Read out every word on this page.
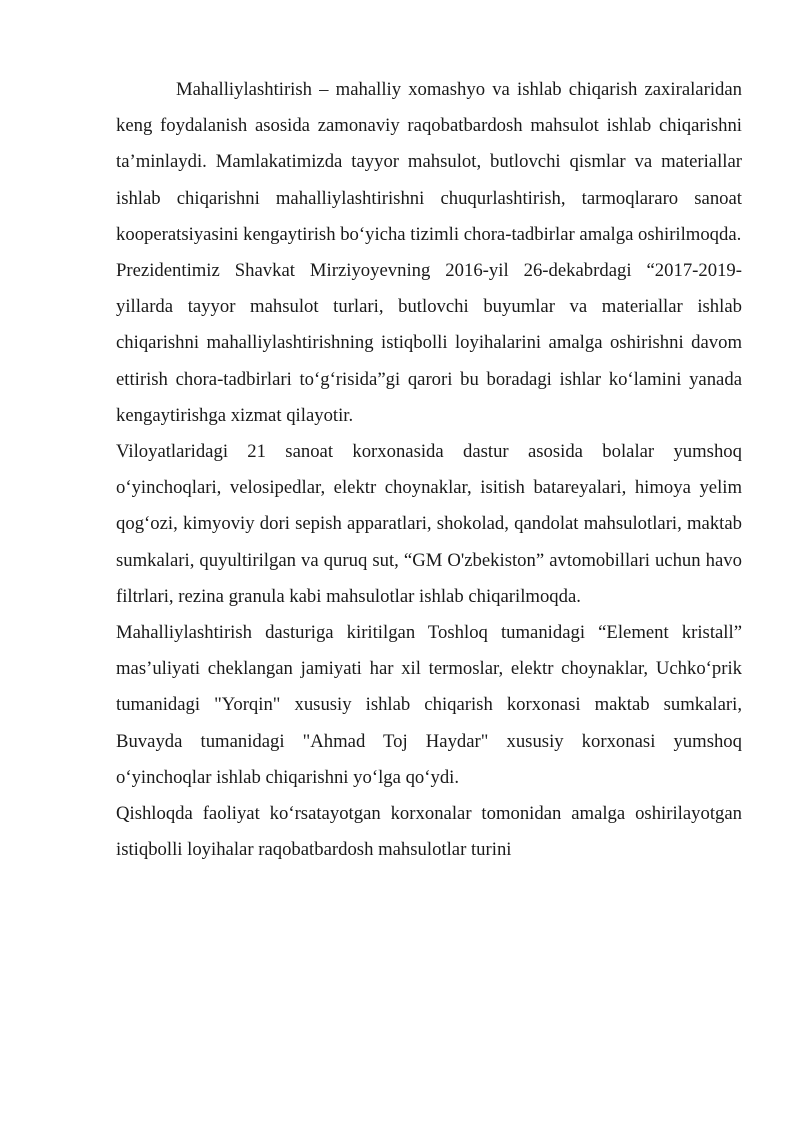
Mahalliylashtirish – mahalliy xomashyo va ishlab chiqarish zaxiralaridan keng foydalanish asosida zamonaviy raqobatbardosh mahsulot ishlab chiqarishni ta’minlaydi. Mamlakatimizda tayyor mahsulot, butlovchi qismlar va materiallar ishlab chiqarishni mahalliylashtirishni chuqurlashtirish, tarmoqlararo sanoat kooperatsiyasini kengaytirish bo‘yicha tizimli chora-tadbirlar amalga oshirilmoqda.

Prezidentimiz Shavkat Mirziyoyevning 2016-yil 26-dekabrdagi “2017-2019-yillarda tayyor mahsulot turlari, butlovchi buyumlar va materiallar ishlab chiqarishni mahalliylashtirishning istiqbolli loyihalarini amalga oshirishni davom ettirish chora-tadbirlari to‘g‘risida”gi qarori bu boradagi ishlar ko‘lamini yanada kengaytirishga xizmat qilayotir.

Viloyatlaridagi 21 sanoat korxonasida dastur asosida bolalar yumshoq o‘yinchoqlari, velosipedlar, elektr choynaklar, isitish batareyalari, himoya yelim qog‘ozi, kimyoviy dori sepish apparatlari, shokolad, qandolat mahsulotlari, maktab sumkalari, quyultirilgan va quruq sut, “GM O'zbekiston” avtomobillari uchun havo filtrlari, rezina granula kabi mahsulotlar ishlab chiqarilmoqda.

Mahalliylashtirish dasturiga kiritilgan Toshloq tumanidagi “Element kristall” mas’uliyati cheklangan jamiyati har xil termoslar, elektr choynaklar, Uchko‘prik tumanidagi "Yorqin" xususiy ishlab chiqarish korxonasi maktab sumkalari, Buvayda tumanidagi "Ahmad Toj Haydar" xususiy korxonasi yumshoq o‘yinchoqlar ishlab chiqarishni yo‘lga qo‘ydi.

Qishloqda faoliyat ko‘rsatayotgan korxonalar tomonidan amalga oshirilayotgan istiqbolli loyihalar raqobatbardosh mahsulotlar turini
